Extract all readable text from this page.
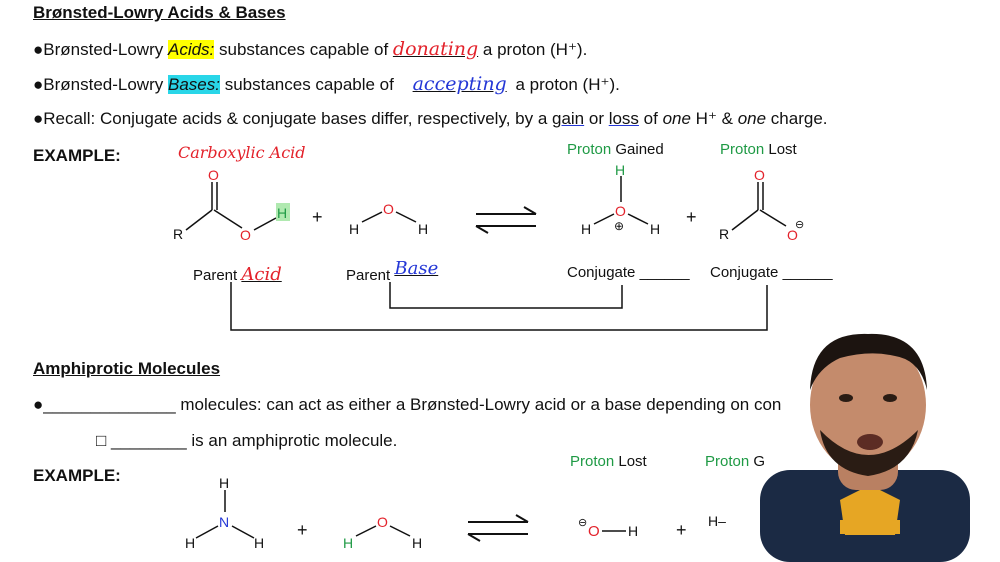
Brønsted-Lowry Acids & Bases
●Brønsted-Lowry Acids: substances capable of donating a proton (H⁺).
●Brønsted-Lowry Bases: substances capable of accepting a proton (H⁺).
●Recall: Conjugate acids & conjugate bases differ, respectively, by a gain or loss of one H⁺ & one charge.
EXAMPLE:	Carboxylic Acid	Proton Gained	Proton Lost
O
R	O
H +	O
H	H
H
O
H	H
⊕	+
O
R	O
⊖
Parent Acid	Parent Base	Conjugate ______ Conjugate ______
Amphiprotic Molecules
●______________ molecules: can act as either a Brønsted-Lowry acid or a base depending on con
□ ________ is an amphiprotic molecule.
EXAMPLE:
Proton Lost	Proton G
H
N
H	H
+	O
H	H
⊖ O H + H–
